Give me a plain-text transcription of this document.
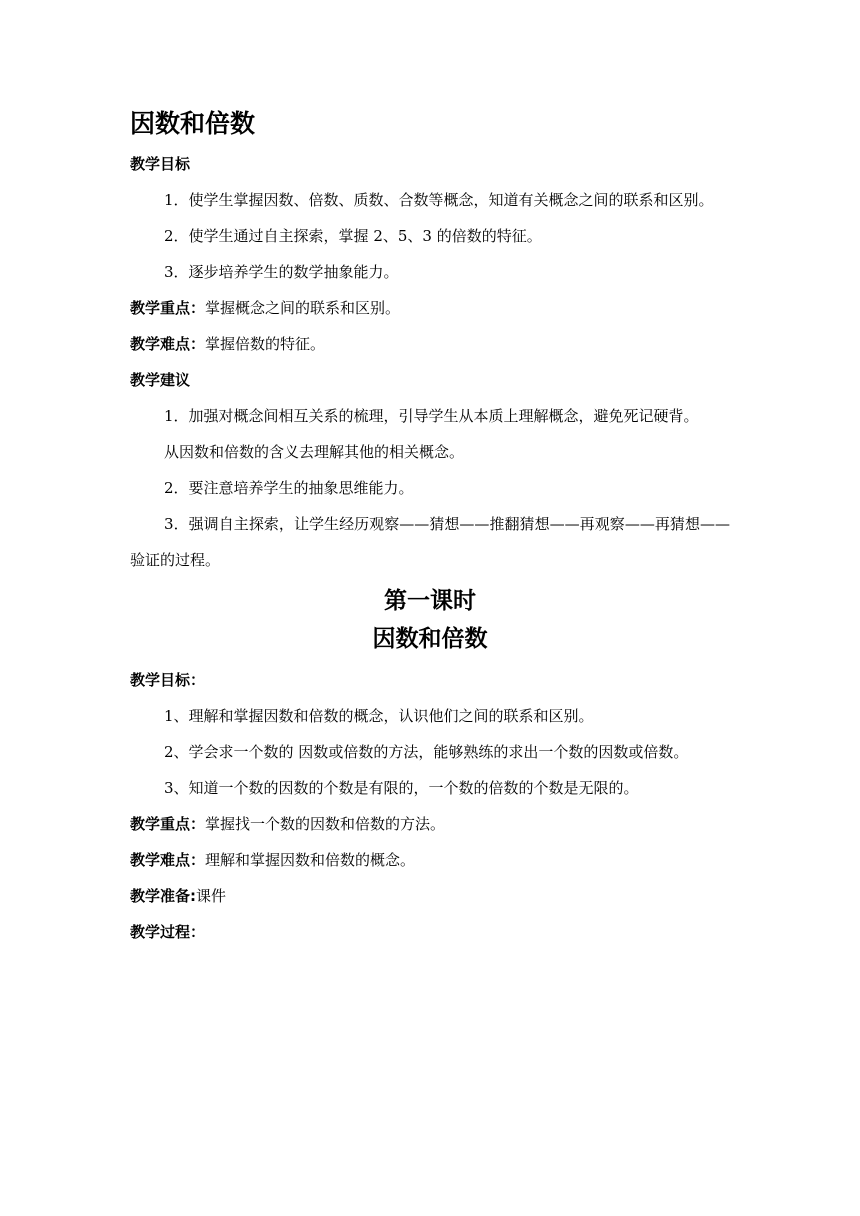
因数和倍数

教学目标

1．使学生掌握因数、倍数、质数、合数等概念，知道有关概念之间的联系和区别。

2．使学生通过自主探索，掌握 2、5、3 的倍数的特征。

3．逐步培养学生的数学抽象能力。

教学重点：掌握概念之间的联系和区别。

教学难点：掌握倍数的特征。

教学建议

1．加强对概念间相互关系的梳理，引导学生从本质上理解概念，避免死记硬背。

从因数和倍数的含义去理解其他的相关概念。

2．要注意培养学生的抽象思维能力。

3．强调自主探索，让学生经历观察——猜想——推翻猜想——再观察——再猜想——验证的过程。

第一课时

因数和倍数

教学目标：

1、理解和掌握因数和倍数的概念，认识他们之间的联系和区别。

2、学会求一个数的 因数或倍数的方法，能够熟练的求出一个数的因数或倍数。

3、知道一个数的因数的个数是有限的，一个数的倍数的个数是无限的。

教学重点：掌握找一个数的因数和倍数的方法。

教学难点：理解和掌握因数和倍数的概念。

教学准备:课件

教学过程：
